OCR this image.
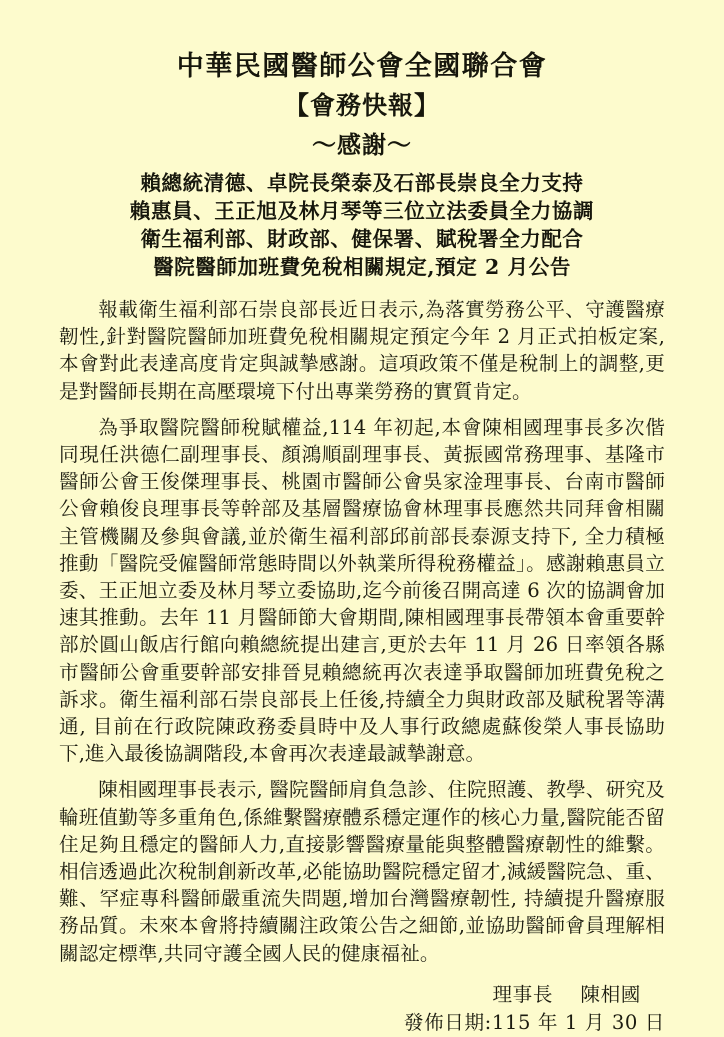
中華民國醫師公會全國聯合會
【會務快報】
〜感謝〜
賴總統清德、卓院長榮泰及石部長崇良全力支持
賴惠員、王正旭及林月琴等三位立法委員全力協調
衛生福利部、財政部、健保署、賦稅署全力配合
醫院醫師加班費免稅相關規定,預定 2 月公告

報載衛生福利部石崇良部長近日表示,為落實勞務公平、守護醫療韌性,針對醫院醫師加班費免稅相關規定預定今年 2 月正式拍板定案,本會對此表達高度肯定與誠摯感謝。這項政策不僅是稅制上的調整,更是對醫師長期在高壓環境下付出專業勞務的實質肯定。

為爭取醫院醫師稅賦權益,114 年初起,本會陳相國理事長多次偕同現任洪德仁副理事長、顏鴻順副理事長、黃振國常務理事、基隆市醫師公會王俊傑理事長、桃園市醫師公會吳家淦理事長、台南市醫師公會賴俊良理事長等幹部及基層醫療協會林理事長應然共同拜會相關主管機關及參與會議,並於衛生福利部邱前部長泰源支持下, 全力積極推動「醫院受僱醫師常態時間以外執業所得稅務權益」。感謝賴惠員立委、王正旭立委及林月琴立委協助,迄今前後召開高達 6 次的協調會加速其推動。去年 11 月醫師節大會期間,陳相國理事長帶領本會重要幹部於圓山飯店行館向賴總統提出建言,更於去年 11 月 26 日率領各縣市醫師公會重要幹部安排晉見賴總統再次表達爭取醫師加班費免稅之訴求。衛生福利部石崇良部長上任後,持續全力與財政部及賦稅署等溝通, 目前在行政院陳政務委員時中及人事行政總處蘇俊榮人事長協助下,進入最後協調階段,本會再次表達最誠摯謝意。

陳相國理事長表示, 醫院醫師肩負急診、住院照護、教學、研究及輪班值勤等多重角色,係維繫醫療體系穩定運作的核心力量,醫院能否留住足夠且穩定的醫師人力,直接影響醫療量能與整體醫療韌性的維繫。相信透過此次稅制創新改革,必能協助醫院穩定留才,減緩醫院急、重、難、罕症專科醫師嚴重流失問題,增加台灣醫療韌性, 持續提升醫療服務品質。未來本會將持續關注政策公告之細節,並協助醫師會員理解相關認定標準,共同守護全國人民的健康福祉。

理事長 陳相國
發佈日期:115 年 1 月 30 日
